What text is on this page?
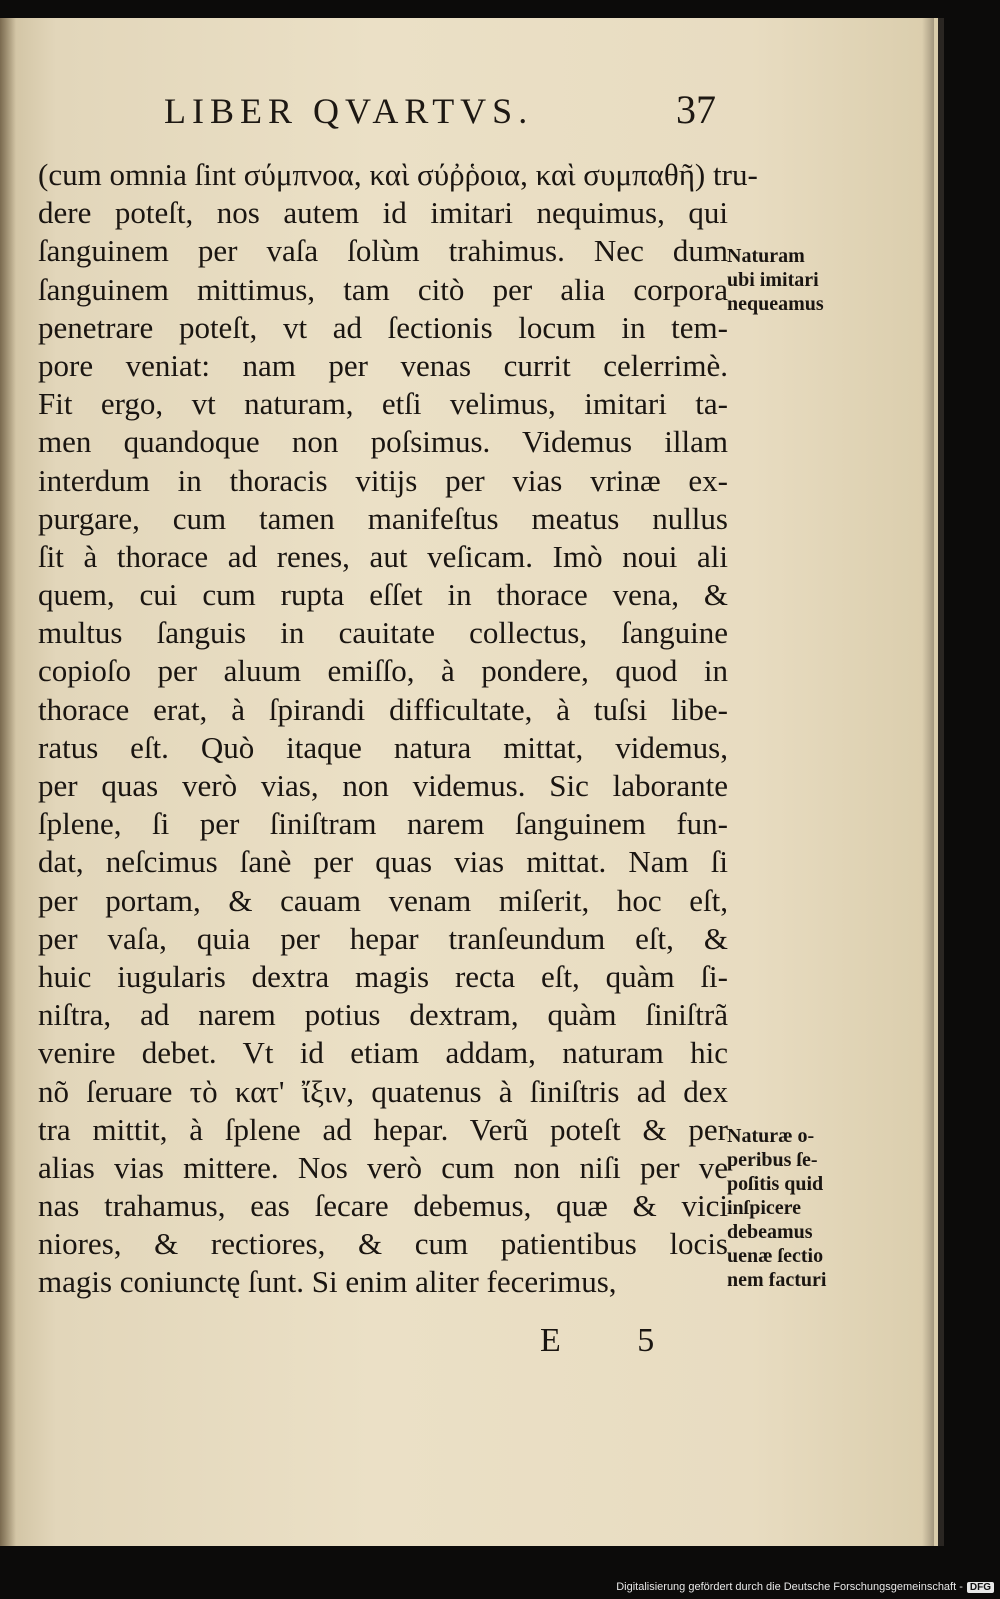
LIBER QVARTVS.	37
(cum omnia ſint σύμπνοα, καὶ σύῤῥοια, καὶ συμπαθῆ) tru-
dere poteſt, nos autem id imitari nequimus, qui
ſanguinem per vaſa ſolùm trahimus. Nec dum
ſanguinem mittimus, tam citò per alia corpora
penetrare poteſt, vt ad ſectionis locum in tem-
pore veniat: nam per venas currit celerrimè.
Fit ergo, vt naturam, etſi velimus, imitari ta-
men quandoque non poſsimus. Videmus illam
interdum in thoracis vitijs per vias vrinæ ex-
purgare, cum tamen manifeſtus meatus nullus
ſit à thorace ad renes, aut veſicam. Imò noui ali
quem, cui cum rupta eſſet in thorace vena, &
multus ſanguis in cauitate collectus, ſanguine
copioſo per aluum emiſſo, à pondere, quod in
thorace erat, à ſpirandi difficultate, à tuſsi libe-
ratus eſt. Quò itaque natura mittat, videmus,
per quas verò vias, non videmus. Sic laborante
ſplene, ſi per ſiniſtram narem ſanguinem fun-
dat, neſcimus ſanè per quas vias mittat. Nam ſi
per portam, & cauam venam miſerit, hoc eſt,
per vaſa, quia per hepar tranſeundum eſt, &
huic iugularis dextra magis recta eſt, quàm ſi-
niſtra, ad narem potius dextram, quàm ſiniſtrã
venire debet. Vt id etiam addam, naturam hic
nõ ſeruare τὸ κατ' ἴξιν, quatenus à ſiniſtris ad dex
tra mittit, à ſplene ad hepar. Verũ poteſt & per
alias vias mittere. Nos verò cum non niſi per ve
nas trahamus, eas ſecare debemus, quæ & vici
niores, & rectiores, & cum patientibus locis
magis coniunctę ſunt. Si enim aliter fecerimus,
Naturam
ubi imitari
nequeamus
Naturæ o-
peribus ſe-
poſitis quid
inſpicere
debeamus
uenæ ſectio
nem facturi
E 5
Digitalisierung gefördert durch die Deutsche Forschungsgemeinschaft - DFG
